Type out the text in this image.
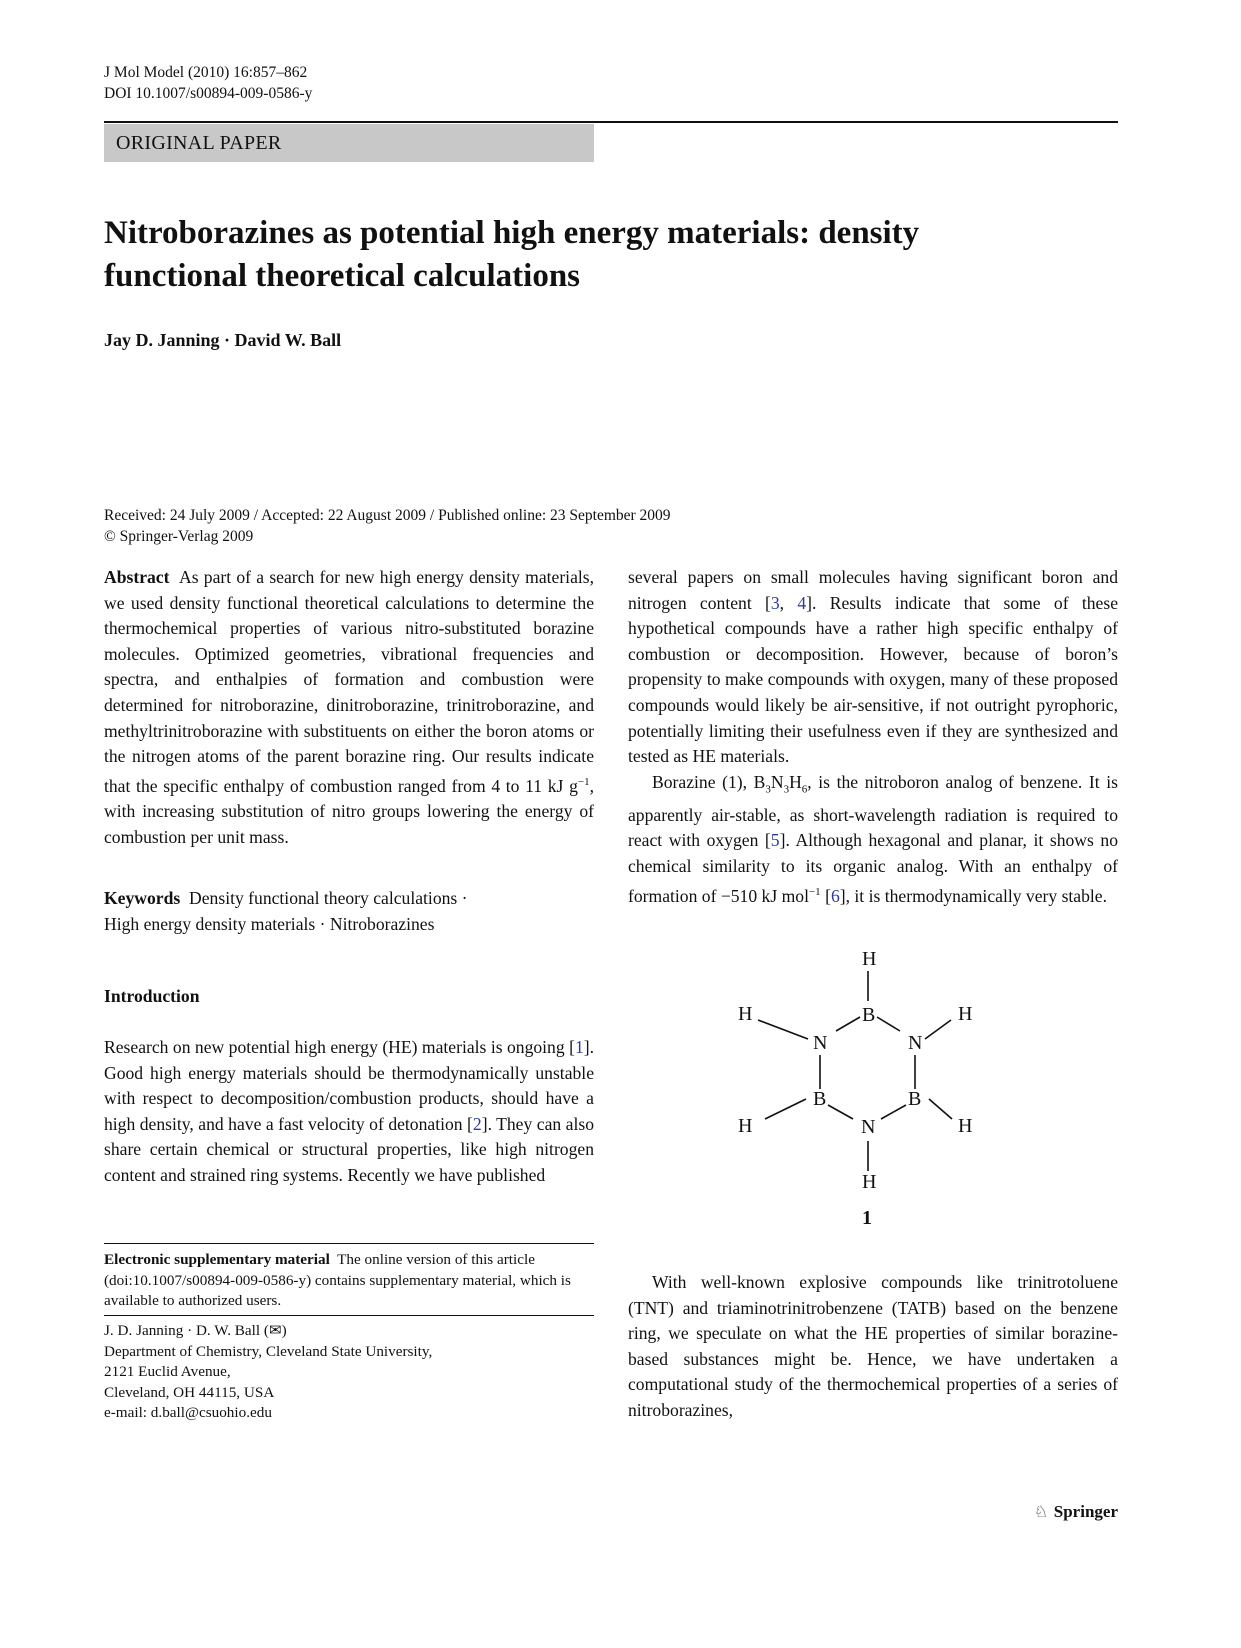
J Mol Model (2010) 16:857–862
DOI 10.1007/s00894-009-0586-y
ORIGINAL PAPER
Nitroborazines as potential high energy materials: density functional theoretical calculations
Jay D. Janning · David W. Ball
Received: 24 July 2009 / Accepted: 22 August 2009 / Published online: 23 September 2009
© Springer-Verlag 2009

Abstract As part of a search for new high energy density materials, we used density functional theoretical calculations to determine the thermochemical properties of various nitro-substituted borazine molecules. Optimized geometries, vibrational frequencies and spectra, and enthalpies of formation and combustion were determined for nitroborazine, dinitroborazine, trinitroborazine, and methyltrinitroborazine with substituents on either the boron atoms or the nitrogen atoms of the parent borazine ring. Our results indicate that the specific enthalpy of combustion ranged from 4 to 11 kJ $g^{-1}$, with increasing substitution of nitro groups lowering the energy of combustion per unit mass.

Keywords Density functional theory calculations ·
High energy density materials · Nitroborazines
Introduction

Research on new potential high energy (HE) materials is ongoing [1]. Good high energy materials should be thermodynamically unstable with respect to decomposition/combustion products, should have a high density, and have a fast velocity of detonation [2]. They can also share certain chemical or structural properties, like high nitrogen content and strained ring systems. Recently we have published

Electronic supplementary material The online version of this article (doi:10.1007/s00894-009-0586-y) contains supplementary material, which is available to authorized users.
J. D. Janning · D. W. Ball (✉)
Department of Chemistry, Cleveland State University,
2121 Euclid Avenue,
Cleveland, OH 44115, USA
e-mail: d.ball@csuohio.edu

several papers on small molecules having significant boron and nitrogen content [3, 4]. Results indicate that some of these hypothetical compounds have a rather high specific enthalpy of combustion or decomposition. However, because of boron’s propensity to make compounds with oxygen, many of these proposed compounds would likely be air-sensitive, if not outright pyrophoric, potentially limiting their usefulness even if they are synthesized and tested as HE materials.

Borazine (1), $B_3N_3H_6$, is the nitroboron analog of benzene. It is apparently air-stable, as short-wavelength radiation is required to react with oxygen [5]. Although hexagonal and planar, it shows no chemical similarity to its organic analog. With an enthalpy of formation of −510 kJ mol$^{-1}$ [6], it is thermodynamically very stable.

H
B
N	N
B	B
N
H
H	H
H	H
1
With well-known explosive compounds like trinitrotoluene (TNT) and triaminotrinitrobenzene (TATB) based on the benzene ring, we speculate on what the HE properties of similar borazine-based substances might be. Hence, we have undertaken a computational study of the thermochemical properties of a series of nitroborazines,
♘ Springer
